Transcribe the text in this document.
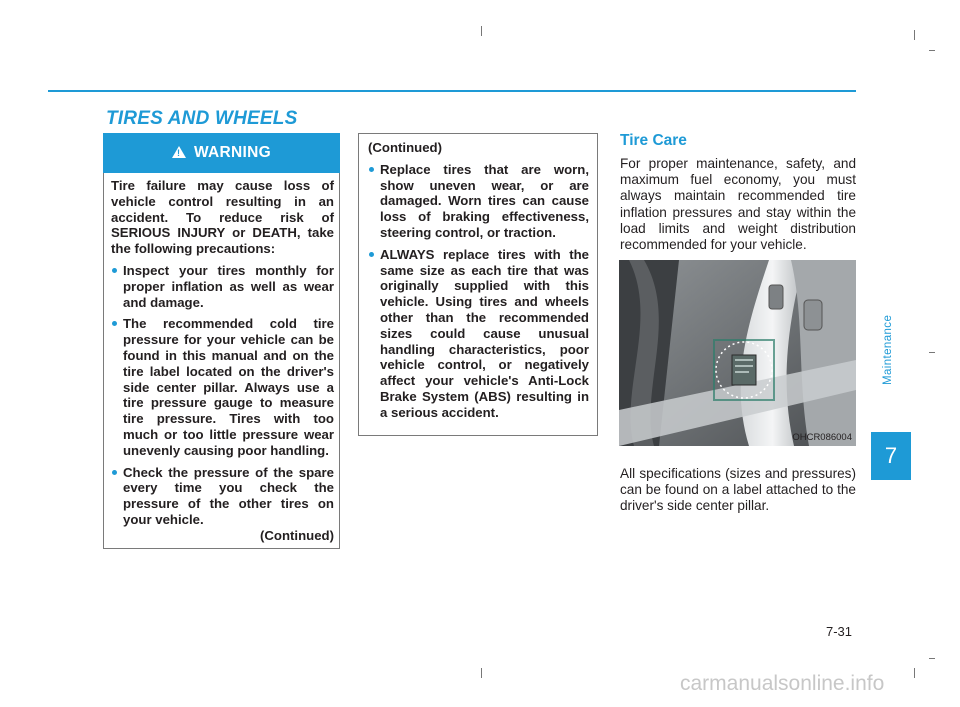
TIRES AND WHEELS
! WARNING

Tire failure may cause loss of vehicle control resulting in an accident. To reduce risk of SERIOUS INJURY or DEATH, take the following precautions:

Inspect your tires monthly for proper inflation as well as wear and damage.
The recommended cold tire pressure for your vehicle can be found in this manual and on the tire label located on the driver's side center pillar. Always use a tire pressure gauge to measure tire pressure. Tires with too much or too little pressure wear unevenly causing poor handling.
Check the pressure of the spare every time you check the pressure of the other tires on your vehicle.

(Continued)

(Continued)

Replace tires that are worn, show uneven wear, or are damaged. Worn tires can cause loss of braking effectiveness, steering control, or traction.
ALWAYS replace tires with the same size as each tire that was originally supplied with this vehicle. Using tires and wheels other than the recommended sizes could cause unusual handling characteristics, poor vehicle control, or negatively affect your vehicle's Anti-Lock Brake System (ABS) resulting in a serious accident.
Tire Care

For proper maintenance, safety, and maximum fuel economy, you must always maintain recommended tire inflation pressures and stay within the load limits and weight distribution recommended for your vehicle.

OHCR086004

All specifications (sizes and pressures) can be found on a label attached to the driver's side center pillar.

Maintenance
7
7-31
carmanualsonline.info
